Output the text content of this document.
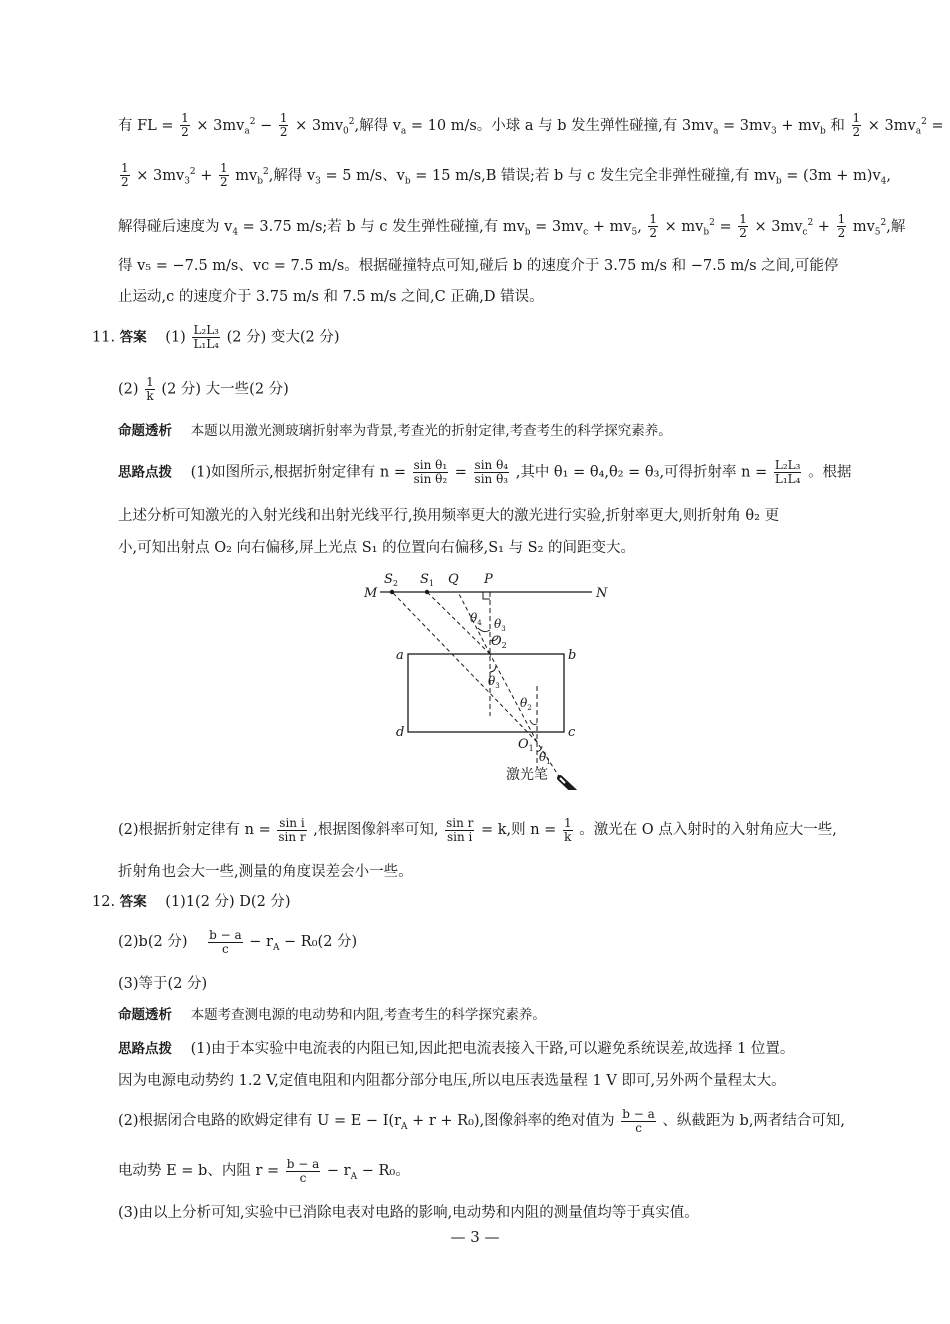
有 FL = $\frac{1}{2} \times 3mv_a^2 - \frac{1}{2} \times 3mv_0^2$,解得 $v_a = 10$ m/s。小球 a 与 b 发生弹性碰撞,有 $3mv_a = 3mv_3 + mv_b$ 和 $\frac{1}{2} \times 3mv_a^2$ =
$\frac{1}{2} \times 3mv_3^2 + \frac{1}{2} mv_b^2$,解得 $v_3 = 5$ m/s、$v_b = 15$ m/s,B 错误;若 b 与 c 发生完全非弹性碰撞,有 $mv_b = (3m + m)v_4$,
解得碰后速度为 $v_4 = 3.75$ m/s;若 b 与 c 发生弹性碰撞,有 $mv_b = 3mv_c + mv_5$, $\frac{1}{2} \times mv_b^2 = \frac{1}{2} \times 3mv_c^2 + \frac{1}{2} mv_5^2$,解
得 v₅ = −7.5 m/s、vc = 7.5 m/s。根据碰撞特点可知,碰后 b 的速度介于 3.75 m/s 和 −7.5 m/s 之间,可能停
止运动,c 的速度介于 3.75 m/s 和 7.5 m/s 之间,C 正确,D 错误。
11. 答案 $(1) \frac{\text{L₂L₃}}{\text{L₁L₄}} (2$ 分) 变大(2 分)
$(2) \frac{1}{k} (2$ 分) 大一些(2 分)
命题透析 本题以用激光测玻璃折射率为背景,考查光的折射定律,考查考生的科学探究素养。
思路点拨 (1)如图所示,根据折射定律有 $n = \frac{\text{sin θ₁}}{\text{sin θ₂}} = \frac{\text{sin θ₄}}{\text{sin θ₃}}$ ,其中 θ₁ = θ₄,θ₂ = θ₃,可得折射率 $n = \frac{\text{L₂L₃}}{\text{L₁L₄}}$ 。根据
上述分析可知激光的入射光线和出射光线平行,换用频率更大的激光进行实验,折射率更大,则折射角 θ₂ 更
小,可知出射点 O₂ 向右偏移,屏上光点 S₁ 的位置向右偏移,S₁ 与 S₂ 的间距变大。
M	N
$S_2$ $S_1$ Q P
a	b
c
d
$O_2$
$O_1$
$\theta_4$ $\theta_3$
$\theta_3$
$\theta_2$
$\theta_1$
激光笔
(2)根据折射定律有 $n = \frac{\text{sin i}}{\text{sin r}}$ ,根据图像斜率可知, $\frac{\text{sin r}}{\text{sin i}} = k$,则 $n = \frac{1}{k}$ 。激光在 O 点入射时的入射角应大一些,
折射角也会大一些,测量的角度误差会小一些。
12. 答案 (1)1(2 分) D(2 分)
(2)b(2 分) $\frac{b - a}{c} - r_A - R_0(2$ 分)
(3)等于(2 分)
命题透析 本题考查测电源的电动势和内阻,考查考生的科学探究素养。
思路点拨 (1)由于本实验中电流表的内阻已知,因此把电流表接入干路,可以避免系统误差,故选择 1 位置。
因为电源电动势约 1.2 V,定值电阻和内阻都分部分电压,所以电压表选量程 1 V 即可,另外两个量程太大。
(2)根据闭合电路的欧姆定律有 $U = E - I(r_A + r + R_0)$,图像斜率的绝对值为 $\frac{b - a}{c}$ 、纵截距为 b,两者结合可知,
电动势 E = b、内阻 $r = \frac{b - a}{c} - r_A - R_0$。
(3)由以上分析可知,实验中已消除电表对电路的影响,电动势和内阻的测量值均等于真实值。
— 3 —
